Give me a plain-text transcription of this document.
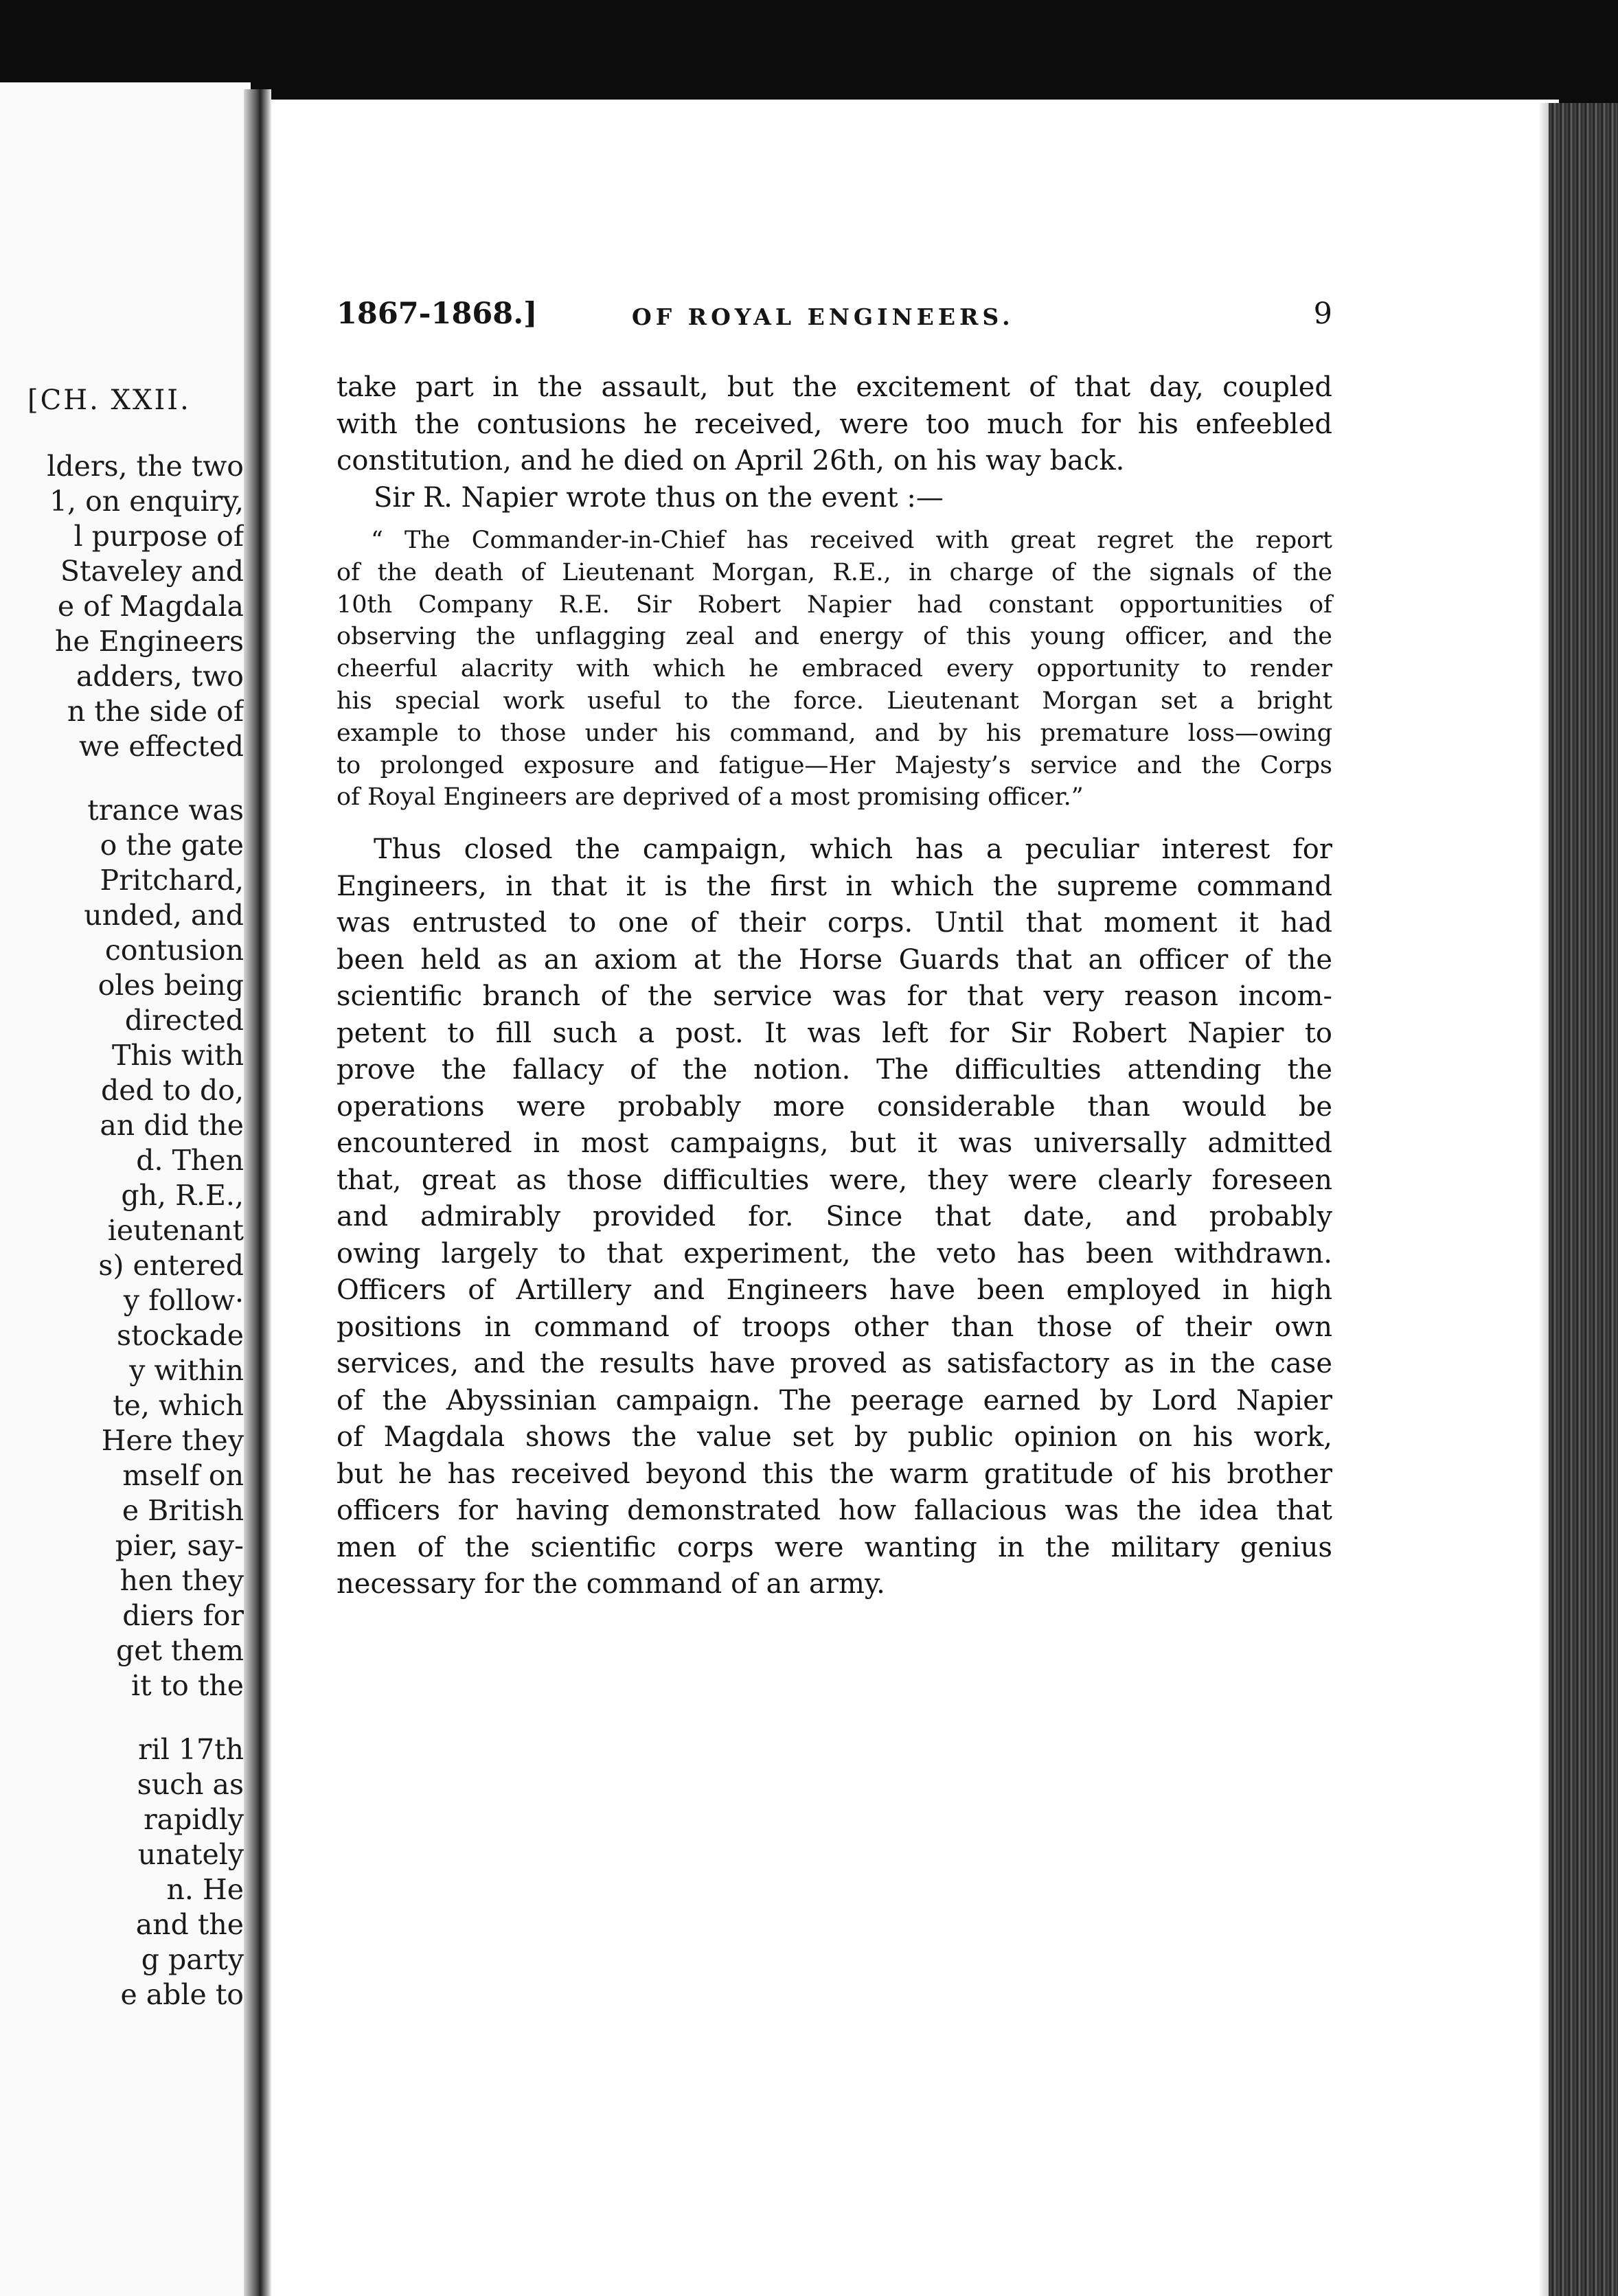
[CH. XXII.
lders, the two
1, on enquiry,
l purpose of
Staveley and
e of Magdala
he Engineers
adders, two
n the side of
we effected
trance was
o the gate
Pritchard,
unded, and
contusion
oles being
directed
This with
ded to do,
an did the
d. Then
gh, R.E.,
ieutenant
s) entered
y follow·
stockade
y within
te, which
Here they
mself on
e British
pier, say-
hen they
diers for
get them
it to the
ril 17th
such as
rapidly
unately
n. He
and the
g party
e able to
1867-1868.]	OF ROYAL ENGINEERS.	9
take part in the assault, but the excitement of that day, coupled
with the contusions he received, were too much for his enfeebled
constitution, and he died on April 26th, on his way back.
Sir R. Napier wrote thus on the event :—
“ The Commander-in-Chief has received with great regret the report
of the death of Lieutenant Morgan, R.E., in charge of the signals of the
10th Company R.E. Sir Robert Napier had constant opportunities of
observing the unflagging zeal and energy of this young officer, and the
cheerful alacrity with which he embraced every opportunity to render
his special work useful to the force. Lieutenant Morgan set a bright
example to those under his command, and by his premature loss—owing
to prolonged exposure and fatigue—Her Majesty’s service and the Corps
of Royal Engineers are deprived of a most promising officer.”
Thus closed the campaign, which has a peculiar interest for
Engineers, in that it is the first in which the supreme command
was entrusted to one of their corps. Until that moment it had
been held as an axiom at the Horse Guards that an officer of the
scientific branch of the service was for that very reason incom-
petent to fill such a post. It was left for Sir Robert Napier to
prove the fallacy of the notion. The difficulties attending the
operations were probably more considerable than would be
encountered in most campaigns, but it was universally admitted
that, great as those difficulties were, they were clearly foreseen
and admirably provided for. Since that date, and probably
owing largely to that experiment, the veto has been withdrawn.
Officers of Artillery and Engineers have been employed in high
positions in command of troops other than those of their own
services, and the results have proved as satisfactory as in the case
of the Abyssinian campaign. The peerage earned by Lord Napier
of Magdala shows the value set by public opinion on his work,
but he has received beyond this the warm gratitude of his brother
officers for having demonstrated how fallacious was the idea that
men of the scientific corps were wanting in the military genius
necessary for the command of an army.
